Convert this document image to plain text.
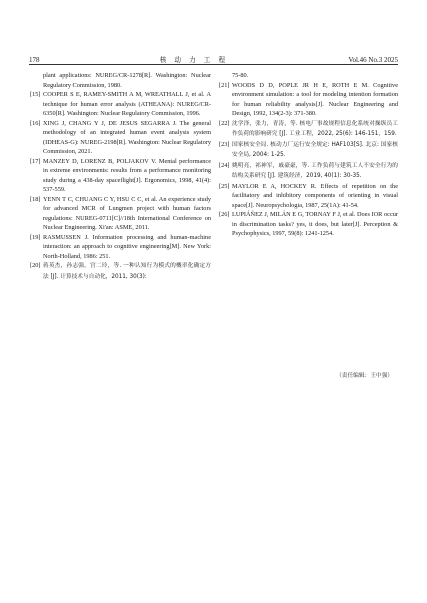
178	核 动 力 工 程	Vol.46 No.3 2025

plant applications: NUREG/CR-1278[R]. Washington: Nuclear Regulatory Commission, 1980.

[15] COOPER S E, RAMEY-SMITH A M, WREATHALL J, et al. A technique for human error analysis (ATHEANA): NUREG/CR-6350[R]. Washington: Nuclear Regulatory Commission, 1996.

[16] XING J, CHANG Y J, DE JESUS SEGARRA J. The general methodology of an integrated human event analysis system (IDHEAS-G): NUREG-2198[R]. Washington: Nuclear Regulatory Commission, 2021.

[17] MANZEY D, LORENZ B, POLJAKOV V. Mental performance in extreme environments: results from a performance monitoring study during a 438-day spaceflight[J]. Ergonomics, 1998, 41(4): 537-559.

[18] YENN T C, CHUANG C Y, HSU C C, et al. An experience study for advanced MCR of Lungmen project with human factors regulations: NUREG-0711[C]//18th International Conference on Nuclear Engineering. Xi'an: ASME, 2011.

[19] RASMUSSEN J. Information processing and human-machine interaction: an approach to cognitive engineering[M]. New York: North-Holland, 1986: 251.

[20] 蒋英杰，孙志强，宫二玲，等. 一种认知行为模式的概率化确定方法 [J]. 计算技术与自动化，2011, 30(3):

75-80.

[21] WOODS D D, POPLE JR H E, ROTH E M. Cognitive environment simulation: a tool for modeling intention formation for human reliability analysis[J]. Nuclear Engineering and Design, 1992, 134(2-3): 371-380.

[22] 沈学泽，张力，青涛，等. 核电厂事故规程信息化系统对操纵员工作负荷的影响研究 [J]. 工业工程，2022, 25(6): 146-151，159.

[23] 国家核安全局. 核动力厂运行安全规定: HAF103[S]. 北京: 国家核安全局, 2004: 1-25.

[24] 姚明亮，祁神军，戚豪豪，等. 工作负荷与建筑工人不安全行为的结构关系研究 [J]. 建筑经济，2019, 40(1): 30-35.

[25] MAYLOR E A, HOCKEY R. Effects of repetition on the facilitatory and inhibitory components of orienting in visual space[J]. Neuropsychologia, 1987, 25(1A): 41-54.

[26] LUPIÁÑEZ J, MILÁN E G, TORNAY F J, et al. Does IOR occur in discrimination tasks? yes, it does, but later[J]. Perception & Psychophysics, 1997, 59(8): 1241-1254.

（责任编辑：王中强）
